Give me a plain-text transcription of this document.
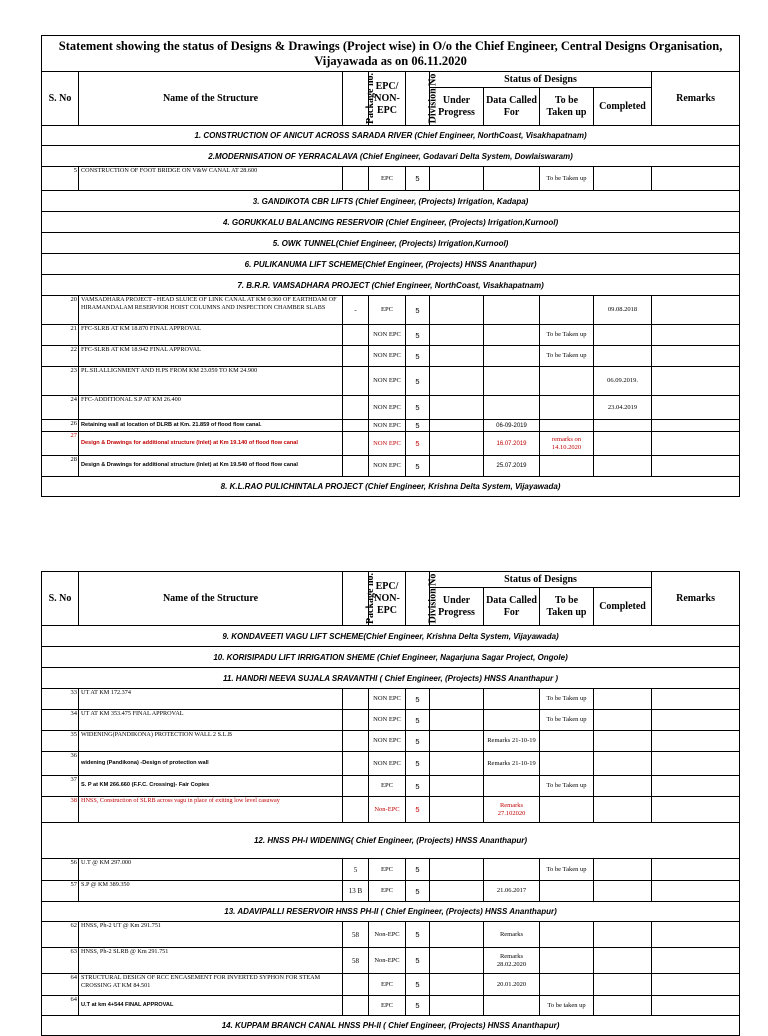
Statement showing the status of Designs & Drawings (Project wise) in O/o the Chief Engineer, Central Designs Organisation, Vijayawada as on 06.11.2020									
S. No	Name of the Structure	Package no.	EPC/ NON-EPC	Division No	Status of Designs				Remarks
					Under Progress	Data Called For	To be Taken up	Completed	
1. CONSTRUCTION OF ANICUT ACROSS SARADA RIVER (Chief Engineer, NorthCoast, Visakhapatnam)									
2.MODERNISATION OF YERRACALAVA (Chief Engineer, Godavari Delta System, Dowlaiswaram)									
5	CONSTRUCTION OF FOOT BRIDGE ON V&W CANAL AT 28.600		EPC	5			To be Taken up		
3. GANDIKOTA CBR LIFTS (Chief Engineer, (Projects) Irrigation, Kadapa)									
4. GORUKKALU BALANCING RESERVOIR (Chief Engineer, (Projects) Irrigation,Kurnool)									
5. OWK TUNNEL(Chief Engineer, (Projects) Irrigation,Kurnool)									
6. PULIKANUMA LIFT SCHEME(Chief Engineer, (Projects) HNSS Ananthapur)									
7. B.R.R. VAMSADHARA PROJECT (Chief Engineer, NorthCoast, Visakhapatnam)									
20	VAMSADHARA PROJECT - HEAD SLUICE OF LINK CANAL AT KM 0.360 OF EARTHDAM OF HIRAMANDALAM RESERVIOR HOIST COLUMNS AND INSPECTION CHAMBER SLABS	-	EPC	5				09.08.2018	
21	FFC-SLRB AT KM 18.870 FINAL APPROVAL		NON EPC	5			To be Taken up		
22	FFC-SLRB AT KM 18.942 FINAL APPROVAL		NON EPC	5			To be Taken up		
23	PL.SII.ALLIGNMENT AND H.PS FROM KM 23.059 TO KM 24.900		NON EPC	5				06.09.2019.	
24	FFC-ADDITIONAL S.P AT KM 26.400		NON EPC	5				23.04.2019	
26	Retaining wall at location of DLRB at Km. 21.859 of flood flow canal.		NON EPC	5		06-09-2019			
27	Design & Drawings for additional structure (Inlet) at Km 19.140 of flood flow canal		NON EPC	5		16.07.2019	remarks on 14.10.2020		
28	Design & Drawings for additional structure (Inlet) at Km 19.540 of flood flow canal		NON EPC	5		25.07.2019			
8. K.L.RAO PULICHINTALA PROJECT (Chief Engineer, Krishna Delta System, Vijayawada)									
S. No	Name of the Structure	Package no.	EPC/ NON-EPC	Division No	Status of Designs				Remarks
					Under Progress	Data Called For	To be Taken up	Completed	
9. KONDAVEETI VAGU LIFT SCHEME(Chief Engineer, Krishna Delta System, Vijayawada)									
10. KORISIPADU LIFT IRRIGATION SHEME (Chief Engineer, Nagarjuna Sagar Project, Ongole)									
11. HANDRI NEEVA SUJALA SRAVANTHI ( Chief Engineer, (Projects) HNSS Ananthapur )									
33	UT AT KM 172.374		NON EPC	5			To be Taken up		
34	UT AT KM 353.475 FINAL APPROVAL		NON EPC	5			To be Taken up		
35	WIDENING(PANDIKONA) PROTECTION WALL 2 S.L.B		NON EPC	5		Remarks 21-10-19			
36	widening (Pandikona) -Design of protection wall		NON EPC	5		Remarks 21-10-19			
37	S. P at KM 266.660 (F.F.C. Crossing)- Fair Copies		EPC	5			To be Taken up		
38	HNSS, Construction of SLRB across vagu in place of exiting low level casuway		Non-EPC	5		Remarks 27.102020			
12. HNSS PH-I WIDENING( Chief Engineer, (Projects) HNSS Ananthapur)									
56	U.T @ KM 297.000	5	EPC	5			To be Taken up		
57	S.P @ KM 389.350	13 B	EPC	5		21.06.2017			
13. ADAVIPALLI RESERVOIR HNSS PH-II ( Chief Engineer, (Projects) HNSS Ananthapur)									
62	HNSS, Ph-2 UT @ Km 291.751	58	Non-EPC	5		Remarks			
63	HNSS, Ph-2 SLRB @ Km 291.751	58	Non-EPC	5		Remarks 28.02.2020			
64	STRUCTURAL DESIGN OF RCC ENCASEMENT FOR INVERTED SYPHON FOR STEAM CROSSING AT KM 84.501		EPC	5		20.01.2020			
64	U.T at km 4+544 FINAL APPROVAL		EPC	5			To be taken up		
14. KUPPAM BRANCH CANAL HNSS PH-II ( Chief Engineer, (Projects) HNSS Ananthapur)									
